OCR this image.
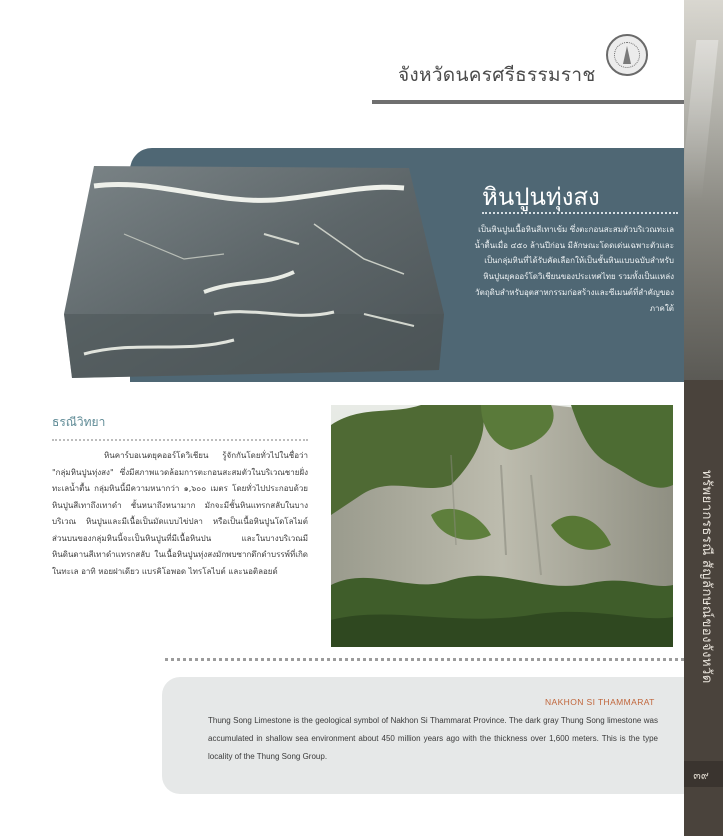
ทรัพยากรธรณี สัญลักษณ์ของจังหวัด
๓๙
จังหวัดนครศรีธรรมราช
หินปูนทุ่งสง
เป็นหินปูนเนื้อหินสีเทาเข้ม ซึ่งตะกอนสะสมตัวบริเวณทะเลน้ำตื้นเมื่อ ๔๕๐ ล้านปีก่อน มีลักษณะโดดเด่นเฉพาะตัวและเป็นกลุ่มหินที่ได้รับคัดเลือกให้เป็นชั้นหินแบบฉบับสำหรับหินปูนยุคออร์โดวิเชียนของประเทศไทย รวมทั้งเป็นแหล่งวัตถุดิบสำหรับอุตสาหกรรมก่อสร้างและซีเมนต์ที่สำคัญของภาคใต้
ธรณีวิทยา
หินคาร์บอเนตยุคออร์โดวิเชียน รู้จักกันโดยทั่วไปในชื่อว่า "กลุ่มหินปูนทุ่งสง" ซึ่งมีสภาพแวดล้อมการตะกอนสะสมตัวในบริเวณชายฝั่งทะเลน้ำตื้น กลุ่มหินนี้มีความหนากว่า ๑,๖๐๐ เมตร โดยทั่วไปประกอบด้วยหินปูนสีเทาถึงเทาดำ ชั้นหนาถึงหนามาก มักจะมีชั้นหินแทรกสลับในบางบริเวณ หินปูนและมีเนื้อเป็นมัดแบบไข่ปลา หรือเป็นเนื้อหินปูนโดโลไมต์ ส่วนบนของกลุ่มหินนี้จะเป็นหินปูนที่มีเนื้อหินปน และในบางบริเวณมีหินดินดานสีเทาดำแทรกสลับ ในเนื้อหินปูนทุ่งสงมักพบซากดึกดำบรรพ์ที่เกิดในทะเล อาทิ หอยฝาเดียว แบรคิโอพอด ไทรโลไบต์ และนอติลอยด์
NAKHON SI THAMMARAT
Thung Song Limestone is the geological symbol of Nakhon Si Thammarat Province. The dark gray Thung Song limestone was accumulated in shallow sea environment about 450 million years ago with the thickness over 1,600 meters. This is the type locality of the Thung Song Group.
